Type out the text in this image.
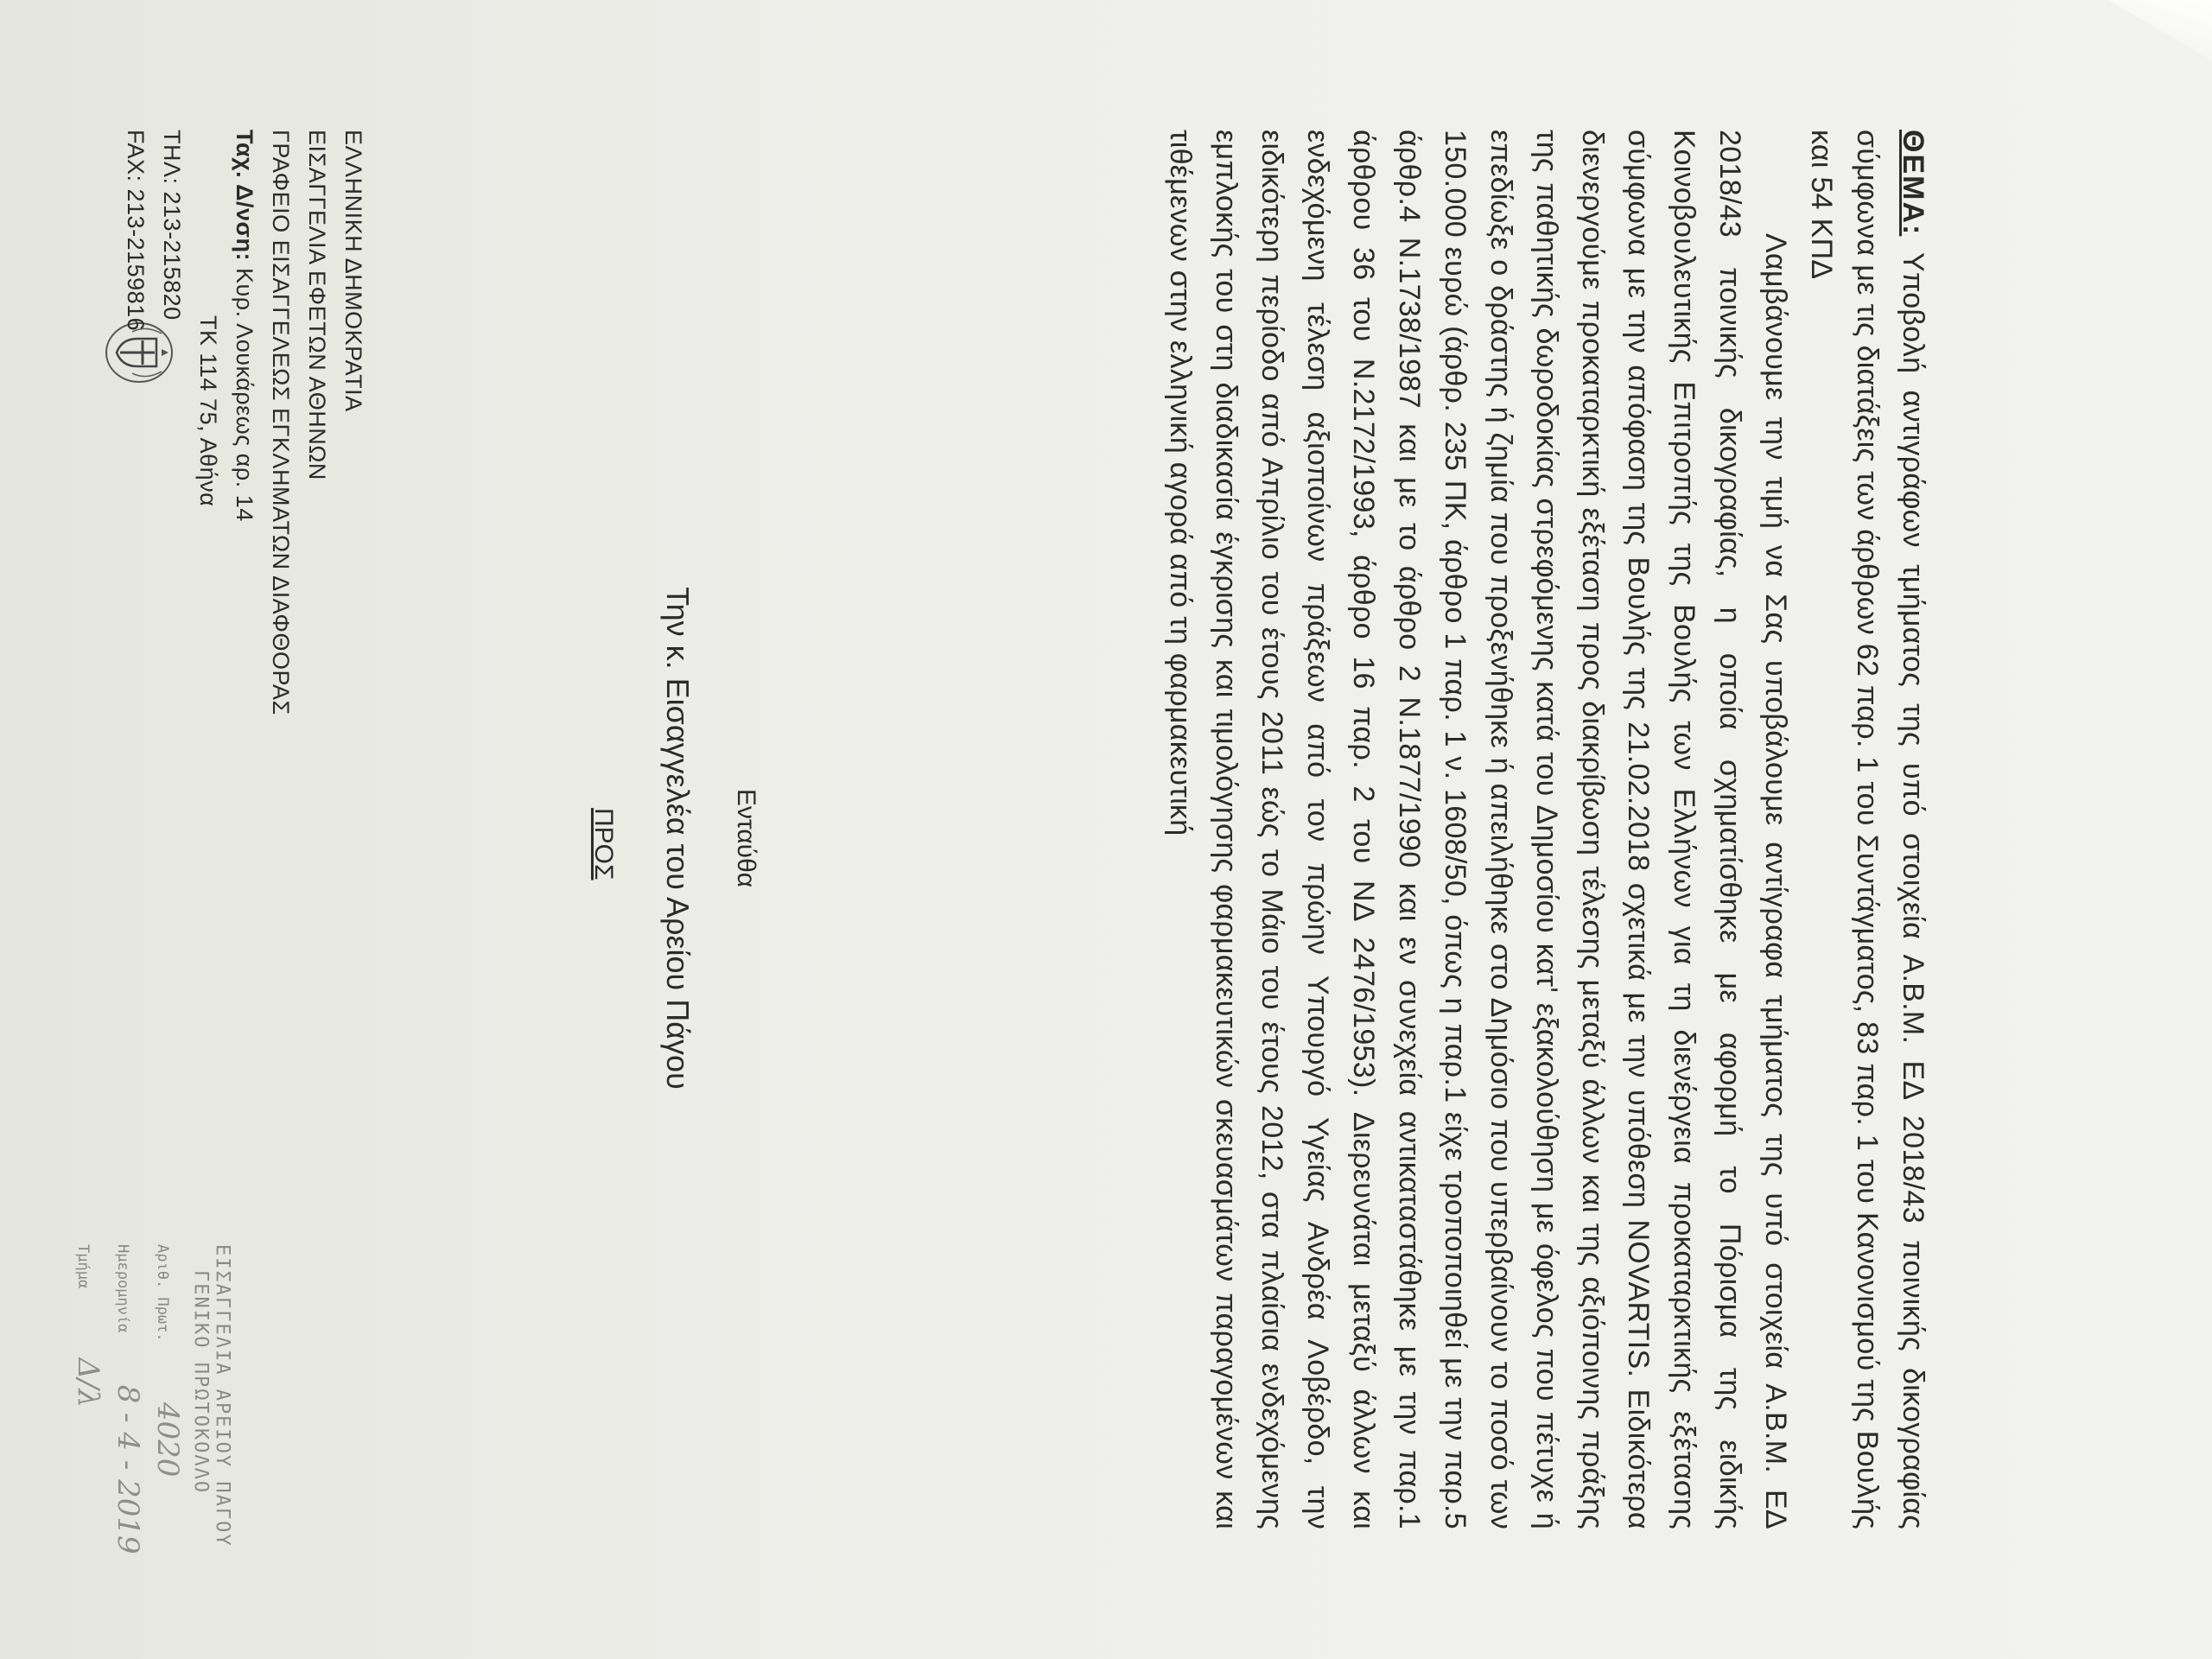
ΕΛΛΗΝΙΚΗ ΔΗΜΟΚΡΑΤΙΑ
ΕΙΣΑΓΓΕΛΙΑ ΕΦΕΤΩΝ ΑΘΗΝΩΝ
ΓΡΑΦΕΙΟ ΕΙΣΑΓΓΕΛΕΩΣ ΕΓΚΛΗΜΑΤΩΝ ΔΙΑΦΘΟΡΑΣ
Ταχ. Δ/νση: Κυρ. Λουκάρεως αρ. 14
ΤΚ 114 75, Αθήνα
ΤΗΛ: 213-215820
FAX: 213-2159816
ΕΙΣΑΓΓΕΛΙΑ ΑΡΕΙΟΥ ΠΑΓΟΥ
ΓΕΝΙΚΟ ΠΡΩΤΟΚΟΛΛΟ
Αριθ. Πρωτ. 4020
Ημερομηνία 8 - 4 - 2019
Τμήμα Δ/λ
ΠΡΟΣ Την κ. Εισαγγελέα του Αρείου Πάγου Ενταύθα

ΘΕΜΑ: Υποβολή αντιγράφων τμήματος της υπό στοιχεία Α.Β.Μ. ΕΔ 2018/43 ποινικής δικογραφίας σύμφωνα με τις διατάξεις των άρθρων 62 παρ. 1 του Συντάγματος, 83 παρ. 1 του Κανονισμού της Βουλής και 54 ΚΠΔ

Λαμβάνουμε την τιμή να Σας υποβάλουμε αντίγραφα τμήματος της υπό στοιχεία Α.Β.Μ. ΕΔ 2018/43 ποινικής δικογραφίας, η οποία σχηματίσθηκε με αφορμή το Πόρισμα της ειδικής Κοινοβουλευτικής Επιτροπής της Βουλής των Ελλήνων για τη διενέργεια προκαταρκτικής εξέτασης σύμφωνα με την απόφαση της Βουλής της 21.02.2018 σχετικά με την υπόθεση NOVARTIS. Ειδικότερα διενεργούμε προκαταρκτική εξέταση προς διακρίβωση τέλεσης μεταξύ άλλων και της αξιόποινης πράξης της παθητικής δωροδοκίας στρεφόμενης κατά του Δημοσίου κατ' εξακολούθηση με όφελος που πέτυχε ή επεδίωξε ο δράστης ή ζημία που προξενήθηκε ή απειλήθηκε στο Δημόσιο που υπερβαίνουν το ποσό των 150.000 ευρώ (άρθρ. 235 ΠΚ, άρθρο 1 παρ. 1 ν. 1608/50, όπως η παρ.1 είχε τροποποιηθεί με την παρ.5 άρθρ.4 Ν.1738/1987 και με το άρθρο 2 Ν.1877/1990 και εν συνεχεία αντικαταστάθηκε με την παρ.1 άρθρου 36 του Ν.2172/1993, άρθρο 16 παρ. 2 του ΝΔ 2476/1953). Διερευνάται μεταξύ άλλων και ενδεχόμενη τέλεση αξιοποίνων πράξεων από τον πρώην Υπουργό Υγείας Ανδρέα Λοβέρδο, την ειδικότερη περίοδο από Απρίλιο του έτους 2011 εώς το Μάιο του έτους 2012, στα πλαίσια ενδεχόμενης εμπλοκής του στη διαδικασία έγκρισης και τιμολόγησης φαρμακευτικών σκευασμάτων παραγομένων και τιθέμενων στην ελληνική αγορά από τη φαρμακευτική
